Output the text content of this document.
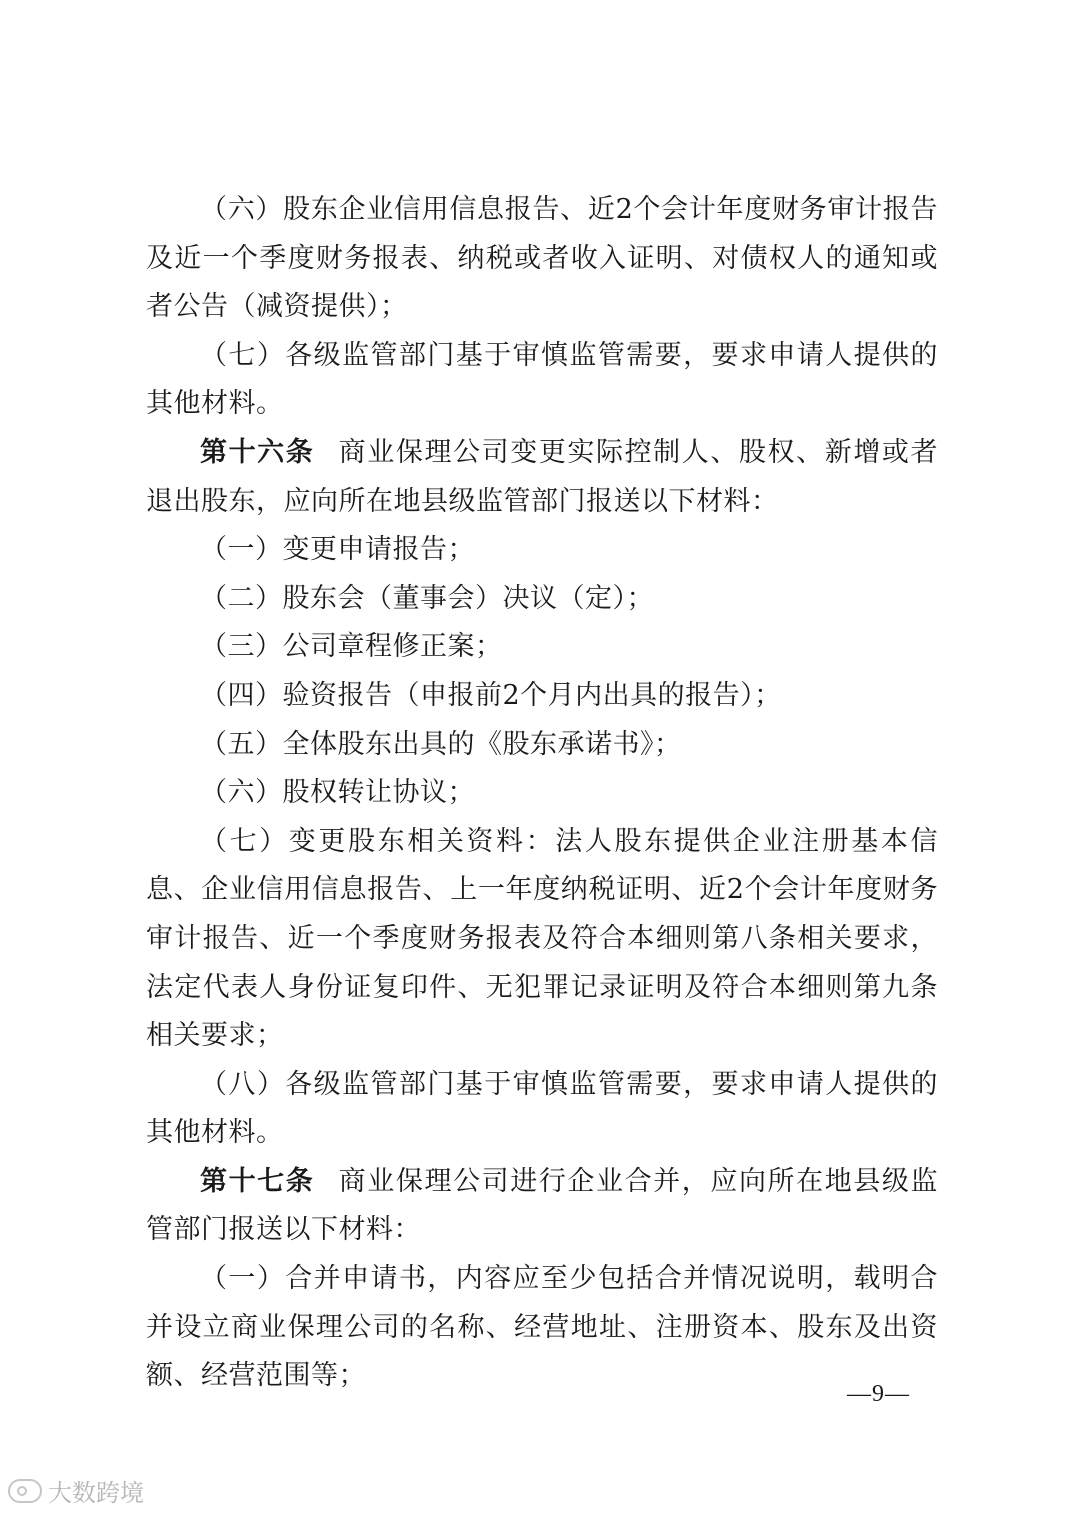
（六）股东企业信用信息报告、近2个会计年度财务审计报告及近一个季度财务报表、纳税或者收入证明、对债权人的通知或者公告（减资提供）；

（七）各级监管部门基于审慎监管需要，要求申请人提供的其他材料。

第十六条 商业保理公司变更实际控制人、股权、新增或者退出股东，应向所在地县级监管部门报送以下材料：

（一）变更申请报告；

（二）股东会（董事会）决议（定）；

（三）公司章程修正案；

（四）验资报告（申报前2个月内出具的报告）；

（五）全体股东出具的《股东承诺书》；

（六）股权转让协议；

（七）变更股东相关资料：法人股东提供企业注册基本信息、企业信用信息报告、上一年度纳税证明、近2个会计年度财务审计报告、近一个季度财务报表及符合本细则第八条相关要求，法定代表人身份证复印件、无犯罪记录证明及符合本细则第九条相关要求；

（八）各级监管部门基于审慎监管需要，要求申请人提供的其他材料。

第十七条 商业保理公司进行企业合并，应向所在地县级监管部门报送以下材料：

（一）合并申请书，内容应至少包括合并情况说明，载明合并设立商业保理公司的名称、经营地址、注册资本、股东及出资额、经营范围等；

—9—
大数跨境
